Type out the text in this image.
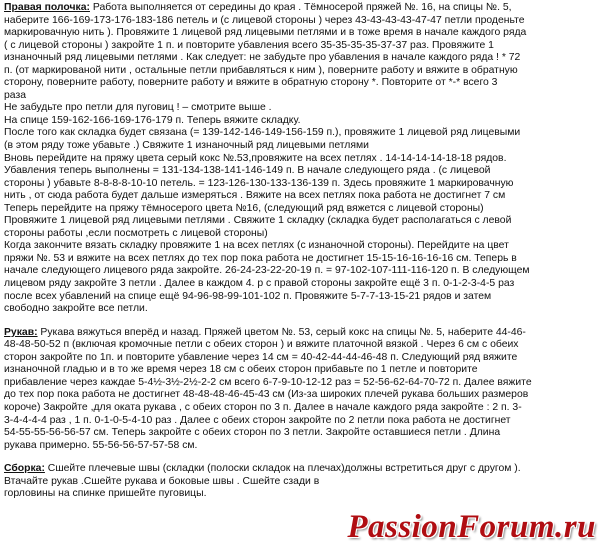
Правая полочка: Работа выполняется от середины до края . Тёмносерой пряжей №. 16, на спицы №. 5,
наберите 166-169-173-176-183-186 петель и (с лицевой стороны ) через 43-43-43-43-47-47 петли проденьте
маркировачную нить ). Провяжите 1 лицевой ряд лицевыми петлями и в тоже время в начале каждого ряда
( с лицевой стороны ) закройте 1 п. и повторите убавления всего 35-35-35-35-37-37 раз. Провяжите 1
изнаночный ряд лицевыми петлями . Как следует: не забудьте про убавления в начале каждого ряда ! * 72
п. (от маркированой нити , остальные петли прибавляться к ним ), поверните работу и вяжите в обратную
сторону, поверните работу, поверните работу и вяжите в обратную сторону *. Повторите от *-* всего 3
раза
Не забудьте про петли для пуговиц ! – смотрите выше .
На спице 159-162-166-169-176-179 п. Теперь вяжите складку.
После того как складка будет связана (= 139-142-146-149-156-159 п.), провяжите 1 лицевой ряд лицевыми
(в этом ряду тоже убавьте .) Свяжите 1 изнаночный ряд лицевыми петлями
Вновь перейдите на пряжу цвета серый кокс №.53,провяжите на всех петлях . 14-14-14-14-18-18 рядов.
Убавления теперь выполнены = 131-134-138-141-146-149 п. В начале следующего ряда . (с лицевой
стороны ) убавьте 8-8-8-8-10-10 петель. = 123-126-130-133-136-139 п. Здесь провяжите 1 маркировачную
нить , от сюда работа будет дальше измеряться . Вяжите на всех петлях пока работа не достигнет 7 см
Теперь перейдите на пряжу тёмносерого цвета №16, (следующий ряд вяжется с лицевой стороны)
Провяжите 1 лицевой ряд лицевыми петлями . Свяжите 1 складку (складка будет располагаться с левой
стороны работы ,если посмотреть с лицевой стороны)
Когда закончите вязать складку провяжите 1 на всех петлях (с изнаночной стороны). Перейдите на цвет
пряжи №. 53 и вяжите на всех петлях до тех пор пока работа не достигнет 15-15-16-16-16-16 см. Теперь в
начале следующего лицевого ряда закройте. 26-24-23-22-20-19 п. = 97-102-107-111-116-120 п. В следующем
лицевом ряду закройте 3 петли . Далее в каждом 4. р с правой стороны закройте ещё 3 п. 0-1-2-3-4-5 раз
после всех убавлений на спице ещё 94-96-98-99-101-102 п. Провяжите 5-7-7-13-15-21 рядов и затем
свободно закройте все петли.
Рукав: Рукава вяжуться вперёд и назад. Пряжей цветом №. 53, серый кокс на спицы №. 5, наберите 44-46-
48-48-50-52 п (включая кромочные петли с обеих сторон ) и вяжите платочной вязкой . Через 6 см с обеих
сторон закройте по 1п. и повторите убавление через 14 см = 40-42-44-44-46-48 п. Следующий ряд вяжите
изнаночной гладью и в то же время через 18 см с обеих сторон прибавьте по 1 петле и повторите
прибавление через каждае 5-4½-3½-2½-2-2 см всего 6-7-9-10-12-12 раз = 52-56-62-64-70-72 п. Далее вяжите
до тех пор пока работа не достигнет 48-48-48-46-45-43 см (Из-за широких плечей рукава больших размеров
короче) Закройте ,для оката рукава , с обеих сторон по 3 п. Далее в начале каждого ряда закройте : 2 п. 3-
3-4-4-4-4 раз , 1 п. 0-1-0-5-4-10 раз . Далее с обеих сторон закройте по 2 петли пока работа не достигнет
54-55-55-56-56-57 см. Теперь закройте с обеих сторон по 3 петли. Закройте оставшиеся петли . Длина
рукава примерно. 55-56-56-57-57-58 см.
Сборка: Сшейте плечевые швы (складки (полоски складок на плечах)должны встретиться друг с другом ).
Втачайте рукав .Сшейте рукава и боковые швы . Сшейте сзади в
горловины на спинке пришейте пуговицы.
PassionForum.ru
